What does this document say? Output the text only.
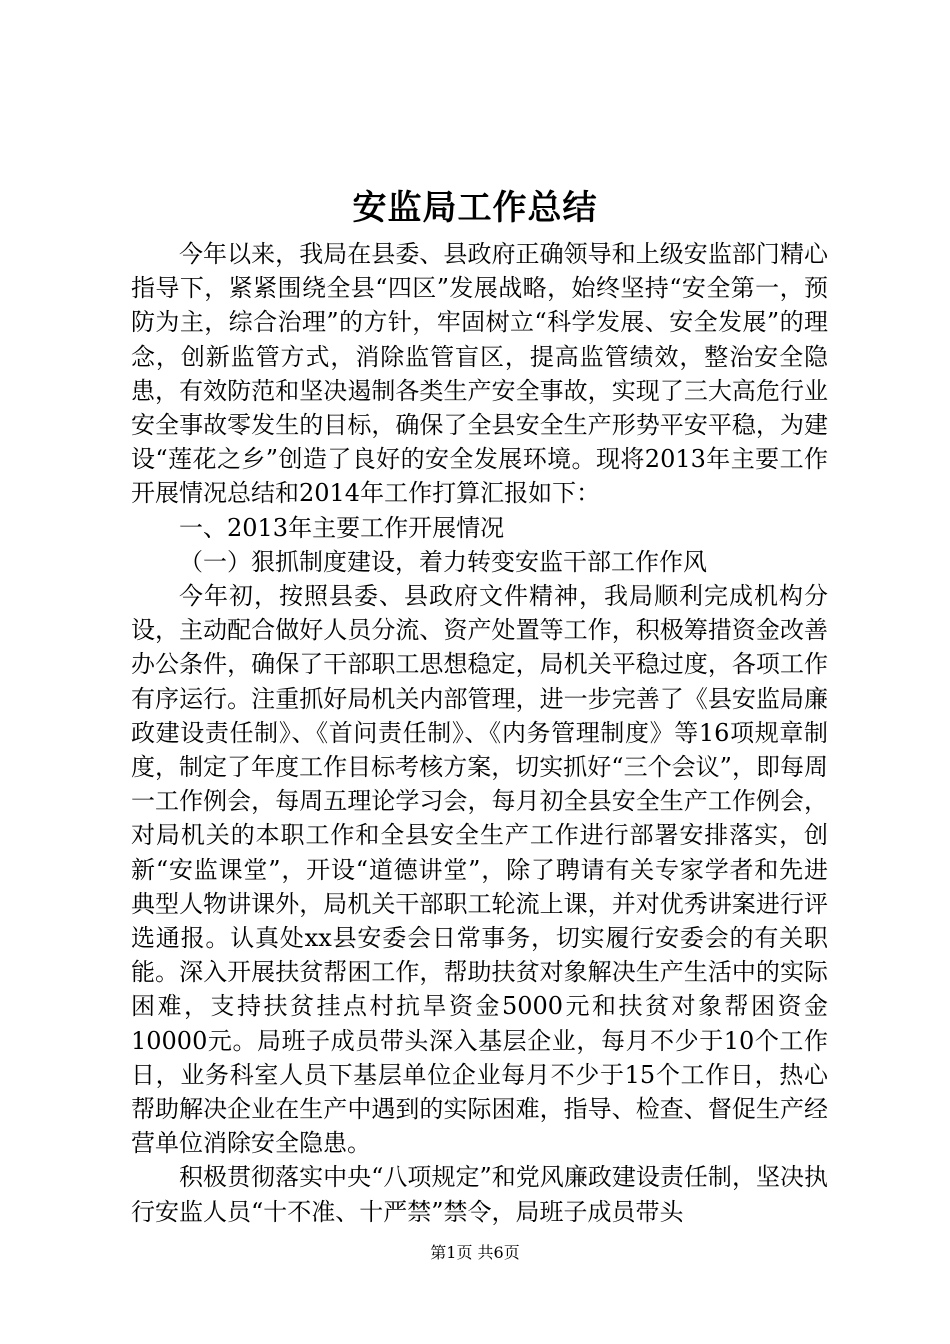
安监局工作总结

今年以来，我局在县委、县政府正确领导和上级安监部门精心指导下，紧紧围绕全县“四区”发展战略，始终坚持“安全第一，预防为主，综合治理”的方针，牢固树立“科学发展、安全发展”的理念，创新监管方式，消除监管盲区，提高监管绩效，整治安全隐患，有效防范和坚决遏制各类生产安全事故，实现了三大高危行业安全事故零发生的目标，确保了全县安全生产形势平安平稳，为建设“莲花之乡”创造了良好的安全发展环境。现将2013年主要工作开展情况总结和2014年工作打算汇报如下：

一、2013年主要工作开展情况

（一）狠抓制度建设，着力转变安监干部工作作风

今年初，按照县委、县政府文件精神，我局顺利完成机构分设，主动配合做好人员分流、资产处置等工作，积极筹措资金改善办公条件，确保了干部职工思想稳定，局机关平稳过度，各项工作有序运行。注重抓好局机关内部管理，进一步完善了《县安监局廉政建设责任制》、《首问责任制》、《内务管理制度》等16项规章制度，制定了年度工作目标考核方案，切实抓好“三个会议”，即每周一工作例会，每周五理论学习会，每月初全县安全生产工作例会，对局机关的本职工作和全县安全生产工作进行部署安排落实，创新“安监课堂”，开设“道德讲堂”，除了聘请有关专家学者和先进典型人物讲课外，局机关干部职工轮流上课，并对优秀讲案进行评选通报。认真处xx县安委会日常事务，切实履行安委会的有关职能。深入开展扶贫帮困工作，帮助扶贫对象解决生产生活中的实际困难，支持扶贫挂点村抗旱资金5000元和扶贫对象帮困资金10000元。局班子成员带头深入基层企业，每月不少于10个工作日，业务科室人员下基层单位企业每月不少于15个工作日，热心帮助解决企业在生产中遇到的实际困难，指导、检查、督促生产经营单位消除安全隐患。

积极贯彻落实中央“八项规定”和党风廉政建设责任制，坚决执行安监人员“十不准、十严禁”禁令，局班子成员带头

第1页 共6页
